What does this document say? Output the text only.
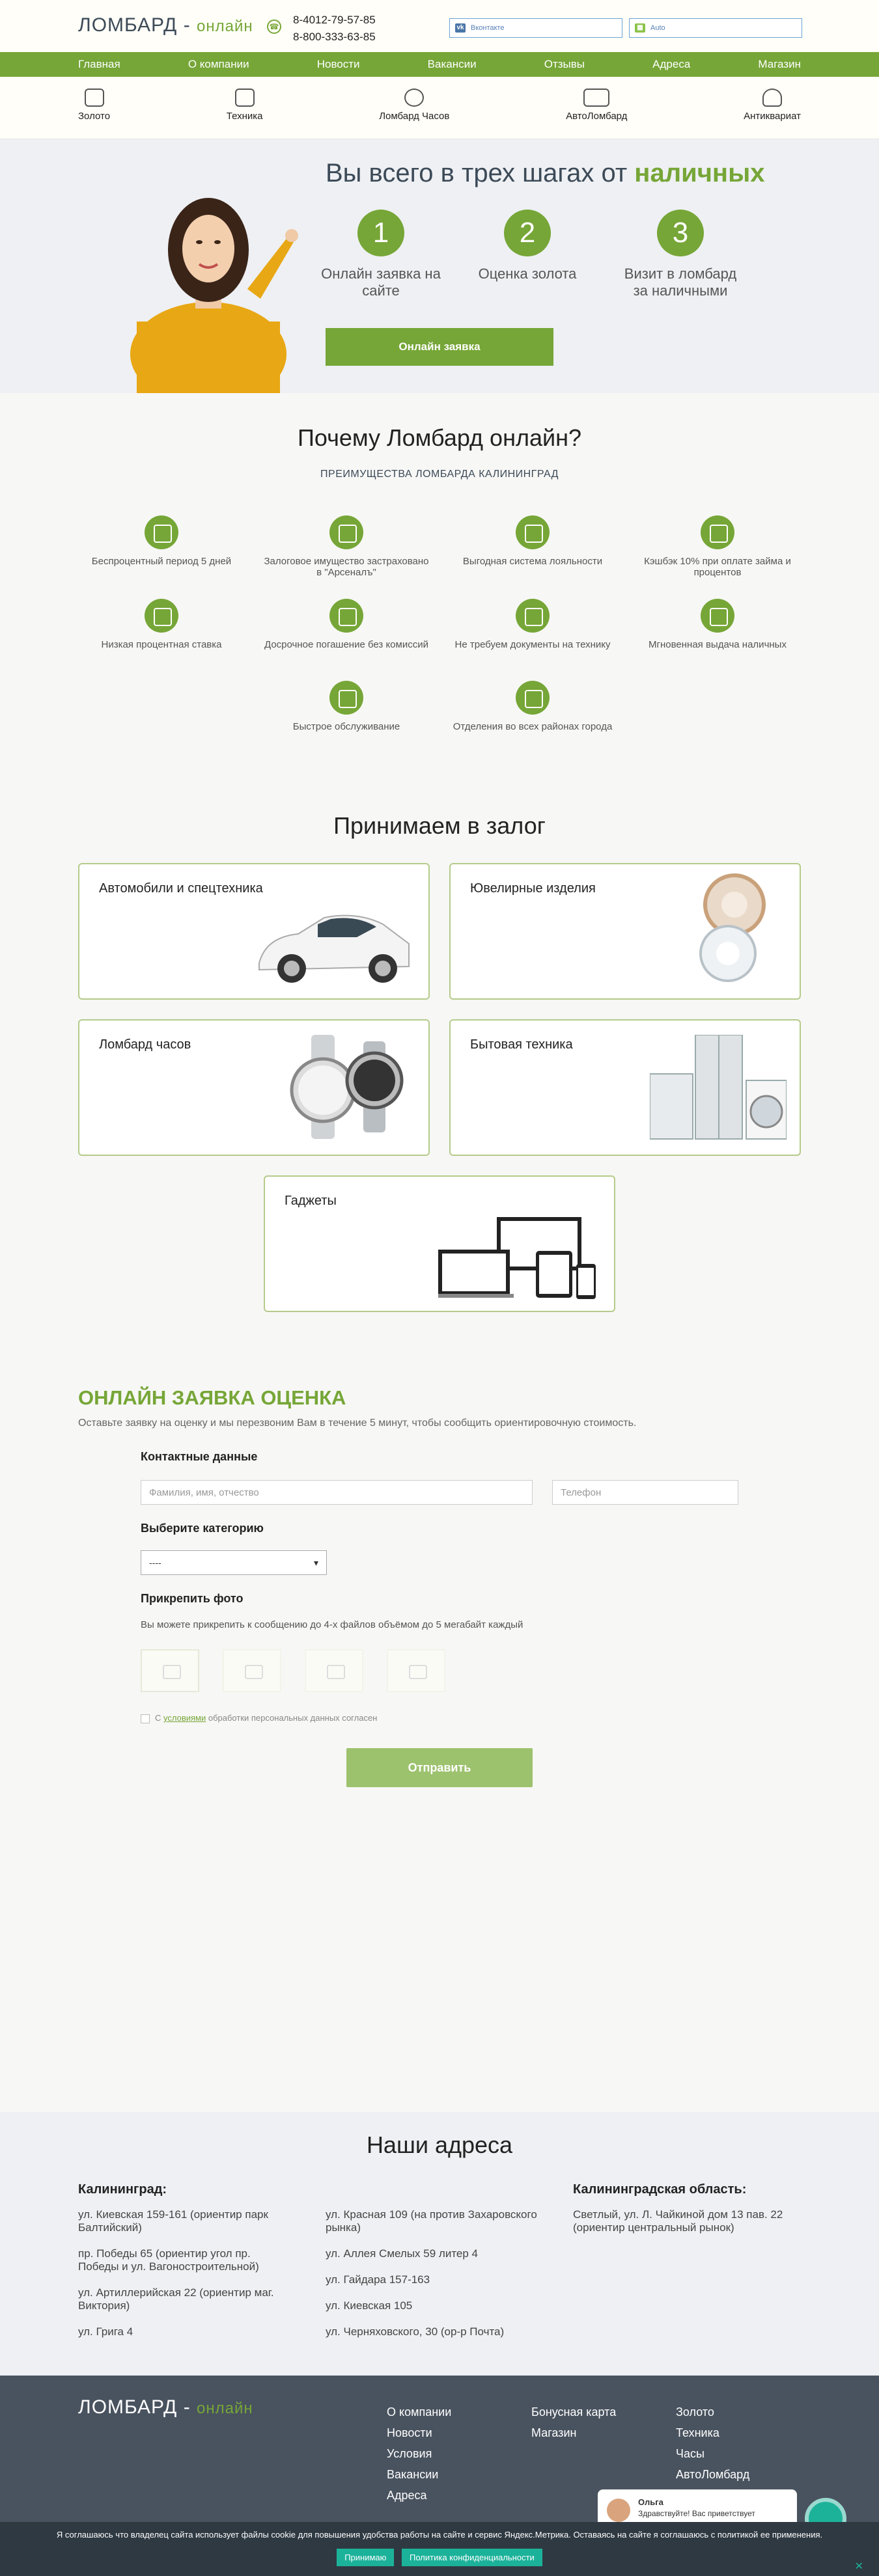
ЛОМБАРД - онлайн ☎
8-4012-79-57-85
8-800-333-63-85
vk Вконтакте	▦ Auto
Главная	О компании	Новости	Вакансии	Отзывы	Адреса	Магазин
Золото	Техника	Ломбард Часов	АвтоЛомбард	Антиквариат
Вы всего в трех шагах от наличных
1
Онлайн заявка на сайте
2
Оценка золота
3
Визит в ломбард за наличными
Онлайн заявка
Почему Ломбард онлайн?
ПРЕИМУЩЕСТВА ЛОМБАРДА КАЛИНИНГРАД
Беспроцентный период 5 дней	Залоговое имущество застраховано в "Арсеналъ"
Выгодная система лояльности	Кэшбэк 10% при оплате займа и процентов
Низкая процентная ставка	Досрочное погашение без комиссий	Не требуем документы на технику	Мгновенная выдача наличных
Быстрое обслуживание	Отделения во всех районах города
Принимаем в залог
Автомобили и спецтехника	Ювелирные изделия
Ломбард часов	Бытовая техника
Гаджеты
ОНЛАЙН ЗАЯВКА ОЦЕНКА
Оставьте заявку на оценку и мы перезвоним Вам в течение 5 минут, чтобы сообщить ориентировочную стоимость.
Контактные данные
Фамилия, имя, отчество	Телефон
Выберите категорию
----	▾
Прикрепить фото
Вы можете прикрепить к сообщению до 4-х файлов объёмом до 5 мегабайт каждый
С условиями обработки персональных данных согласен
Отправить
Наши адреса
Калининград:

ул. Киевская 159-161 (ориентир парк Балтийский)

пр. Победы 65 (ориентир угол пр. Победы и ул. Вагоностроительной)

ул. Артиллерийская 22 (ориентир маг. Виктория)

ул. Грига 4

ул. Красная 109 (на против Захаровского рынка)

ул. Аллея Смелых 59 литер 4

ул. Гайдара 157-163

ул. Киевская 105

ул. Черняховского, 30 (ор-р Почта)

Калининградская область:

Светлый, ул. Л. Чайкиной дом 13 пав. 22 (ориентир центральный рынок)

ЛОМБАРД - онлайн	О компании
Новости
Условия
Вакансии
Адреса
Бонусная карта
Магазин
Золото
Техника
Часы
АвтоЛомбард
Ольга
Здравствуйте! Вас приветствует
Я соглашаюсь что владелец сайта использует файлы cookie для повышения удобства работы на сайте и сервис Яндекс.Метрика. Оставаясь на сайте я соглашаюсь с политикой ее применения.
Принимаю	Политика конфиденциальности
✕
